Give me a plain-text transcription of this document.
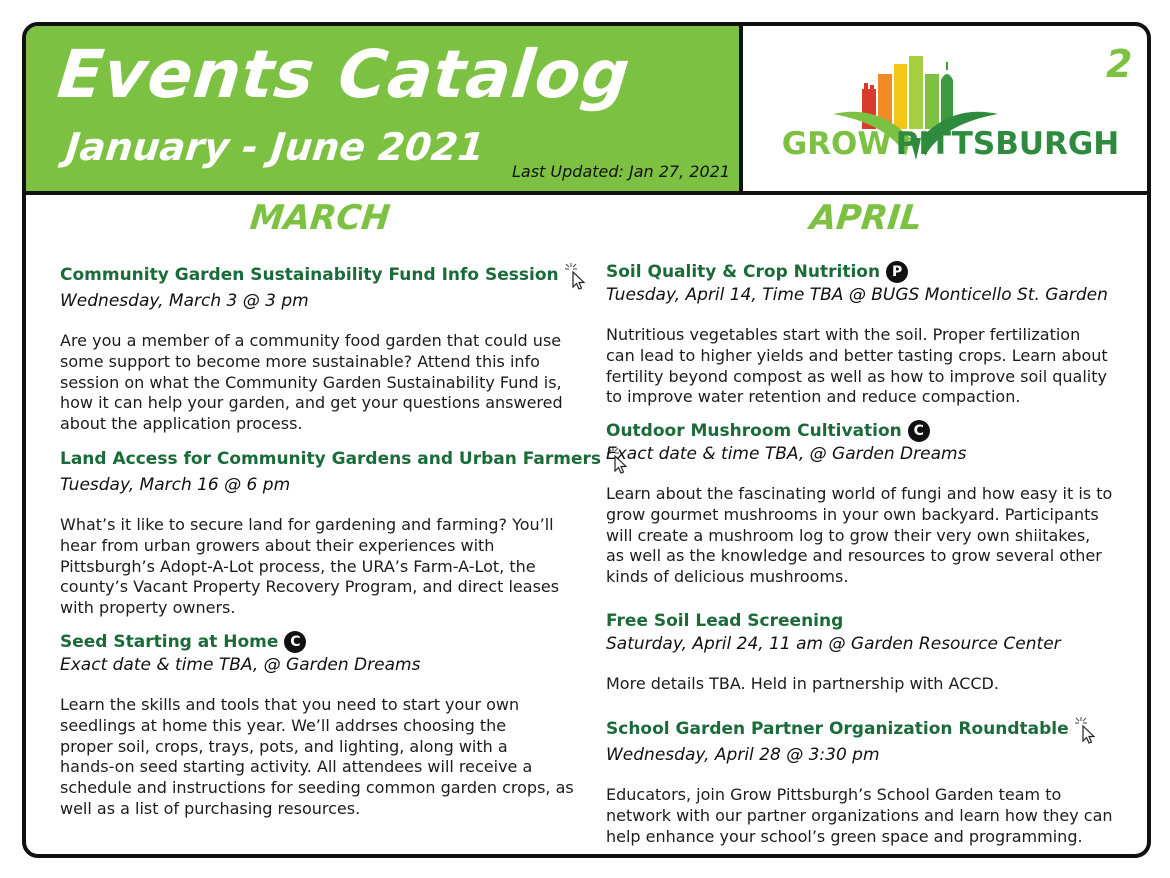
Events Catalog
January - June 2021
Last Updated: Jan 27, 2021
2
GROW PITTSBURGH
MARCH
Community Garden Sustainability Fund Info Session
Wednesday, March 3 @ 3 pm
Are you a member of a community food garden that could use
some support to become more sustainable? Attend this info
session on what the Community Garden Sustainability Fund is,
how it can help your garden, and get your questions answered
about the application process.
Land Access for Community Gardens and Urban Farmers
Tuesday, March 16 @ 6 pm
What’s it like to secure land for gardening and farming? You’ll
hear from urban growers about their experiences with
Pittsburgh’s Adopt-A-Lot process, the URA’s Farm-A-Lot, the
county’s Vacant Property Recovery Program, and direct leases
with property owners.
Seed Starting at Home C
Exact date & time TBA, @ Garden Dreams
Learn the skills and tools that you need to start your own
seedlings at home this year. We’ll addrses choosing the
proper soil, crops, trays, pots, and lighting, along with a
hands-on seed starting activity. All attendees will receive a
schedule and instructions for seeding common garden crops, as
well as a list of purchasing resources.
APRIL
Soil Quality & Crop Nutrition P
Tuesday, April 14, Time TBA @ BUGS Monticello St. Garden
Nutritious vegetables start with the soil. Proper fertilization
can lead to higher yields and better tasting crops. Learn about
fertility beyond compost as well as how to improve soil quality
to improve water retention and reduce compaction.
Outdoor Mushroom Cultivation C
Exact date & time TBA, @ Garden Dreams
Learn about the fascinating world of fungi and how easy it is to
grow gourmet mushrooms in your own backyard. Participants
will create a mushroom log to grow their very own shiitakes,
as well as the knowledge and resources to grow several other
kinds of delicious mushrooms.
Free Soil Lead Screening
Saturday, April 24, 11 am @ Garden Resource Center
More details TBA. Held in partnership with ACCD.
School Garden Partner Organization Roundtable
Wednesday, April 28 @ 3:30 pm
Educators, join Grow Pittsburgh’s School Garden team to
network with our partner organizations and learn how they can
help enhance your school’s green space and programming.
